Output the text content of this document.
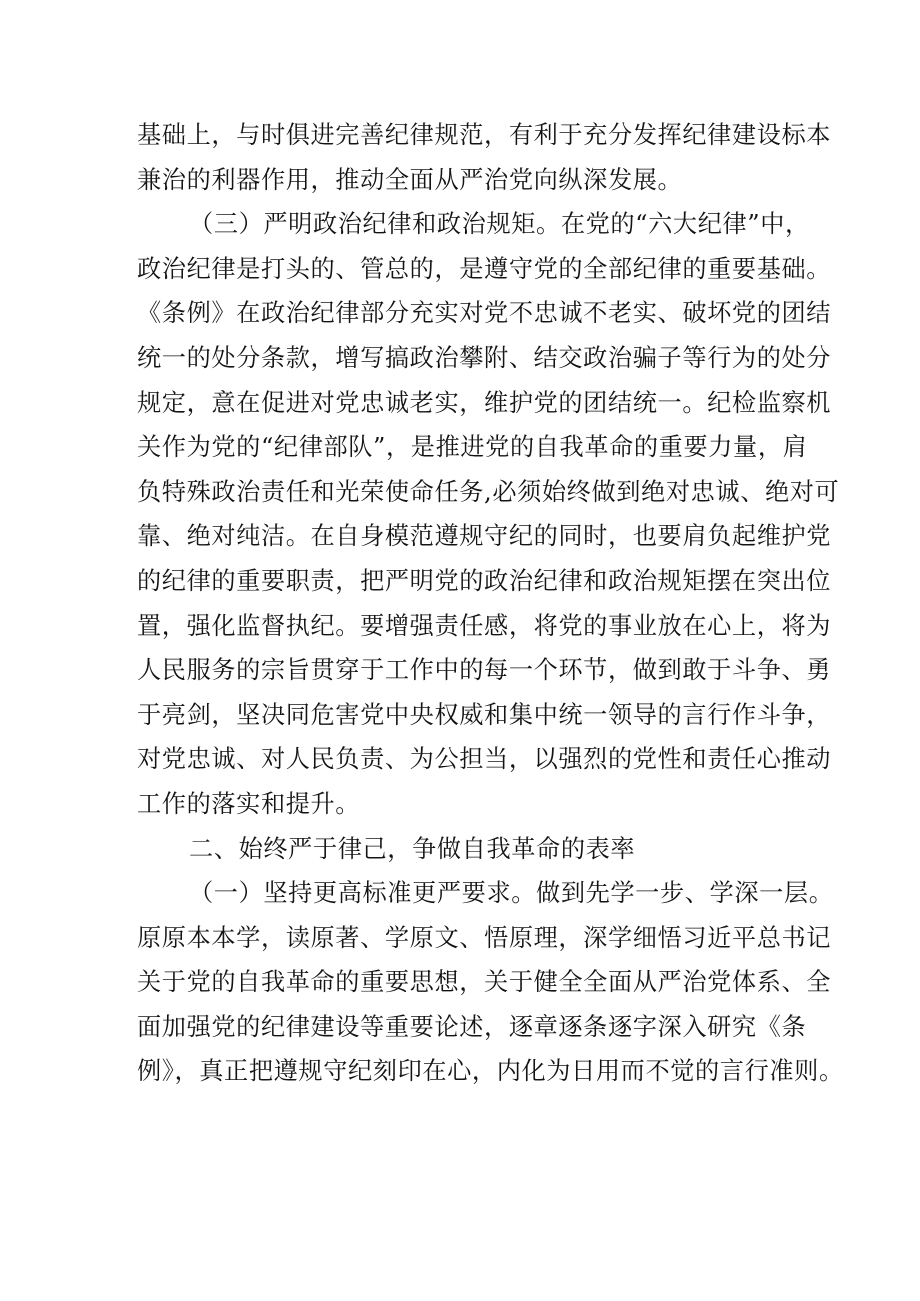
基础上，与时俱进完善纪律规范，有利于充分发挥纪律建设标本
兼治的利器作用，推动全面从严治党向纵深发展。
（三）严明政治纪律和政治规矩。在党的“六大纪律”中，
政治纪律是打头的、管总的，是遵守党的全部纪律的重要基础。
《条例》在政治纪律部分充实对党不忠诚不老实、破坏党的团结
统一的处分条款，增写搞政治攀附、结交政治骗子等行为的处分
规定，意在促进对党忠诚老实，维护党的团结统一。纪检监察机
关作为党的“纪律部队”，是推进党的自我革命的重要力量，肩
负特殊政治责任和光荣使命任务,必须始终做到绝对忠诚、绝对可
靠、绝对纯洁。在自身模范遵规守纪的同时，也要肩负起维护党
的纪律的重要职责，把严明党的政治纪律和政治规矩摆在突出位
置，强化监督执纪。要增强责任感，将党的事业放在心上，将为
人民服务的宗旨贯穿于工作中的每一个环节，做到敢于斗争、勇
于亮剑，坚决同危害党中央权威和集中统一领导的言行作斗争，
对党忠诚、对人民负责、为公担当，以强烈的党性和责任心推动
工作的落实和提升。
二、始终严于律己，争做自我革命的表率
（一）坚持更高标准更严要求。做到先学一步、学深一层。
原原本本学，读原著、学原文、悟原理，深学细悟习近平总书记
关于党的自我革命的重要思想，关于健全全面从严治党体系、全
面加强党的纪律建设等重要论述，逐章逐条逐字深入研究《条
例》，真正把遵规守纪刻印在心，内化为日用而不觉的言行准则。
